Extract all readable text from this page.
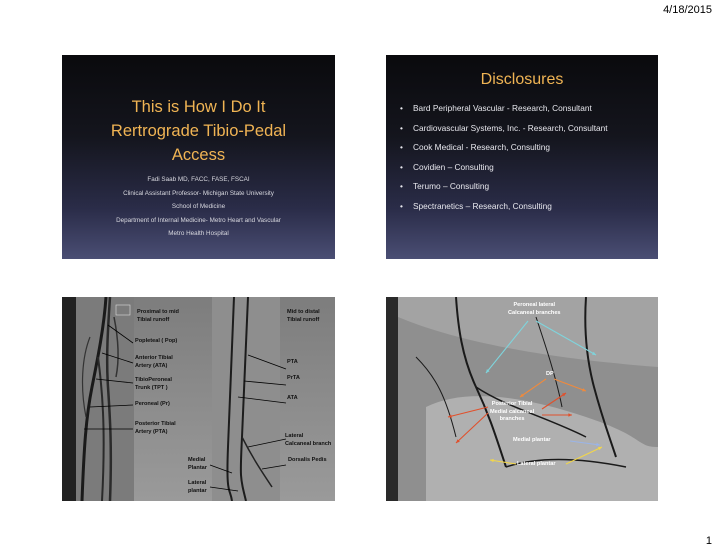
4/18/2015
This is How I Do It
Rertrograde Tibio-Pedal
Access
Fadi Saab MD, FACC, FASE, FSCAI
Clinical Assistant Professor- Michigan State University
School of Medicine
Department of Internal Medicine- Metro Heart and Vascular
Metro Health Hospital
Disclosures
• Bard Peripheral Vascular - Research, Consultant
• Cardiovascular Systems, Inc. - Research, Consultant
• Cook Medical - Research, Consulting
• Covidien – Consulting
• Terumo – Consulting
• Spectranetics – Research, Consulting
Proximal to mid
Tibial runoff
Mid to distal
Tibial runoff
Popleteal ( Pop)
Anterior Tibial
Artery (ATA)
TibioPeroneal
Trunk (TPT )
Peroneal (Pr)
Posterior Tibial
Artery (PTA)
PTA
PrTA
ATA
Lateral
Calcaneal branch
Medial
Plantar
Dorsalis Pedis
Lateral
plantar
Peroneal lateral
Calcaneal branches
DP
Posterior Tibial
Medial calcaneal
branches
Medial plantar
Lateral plantar
1
